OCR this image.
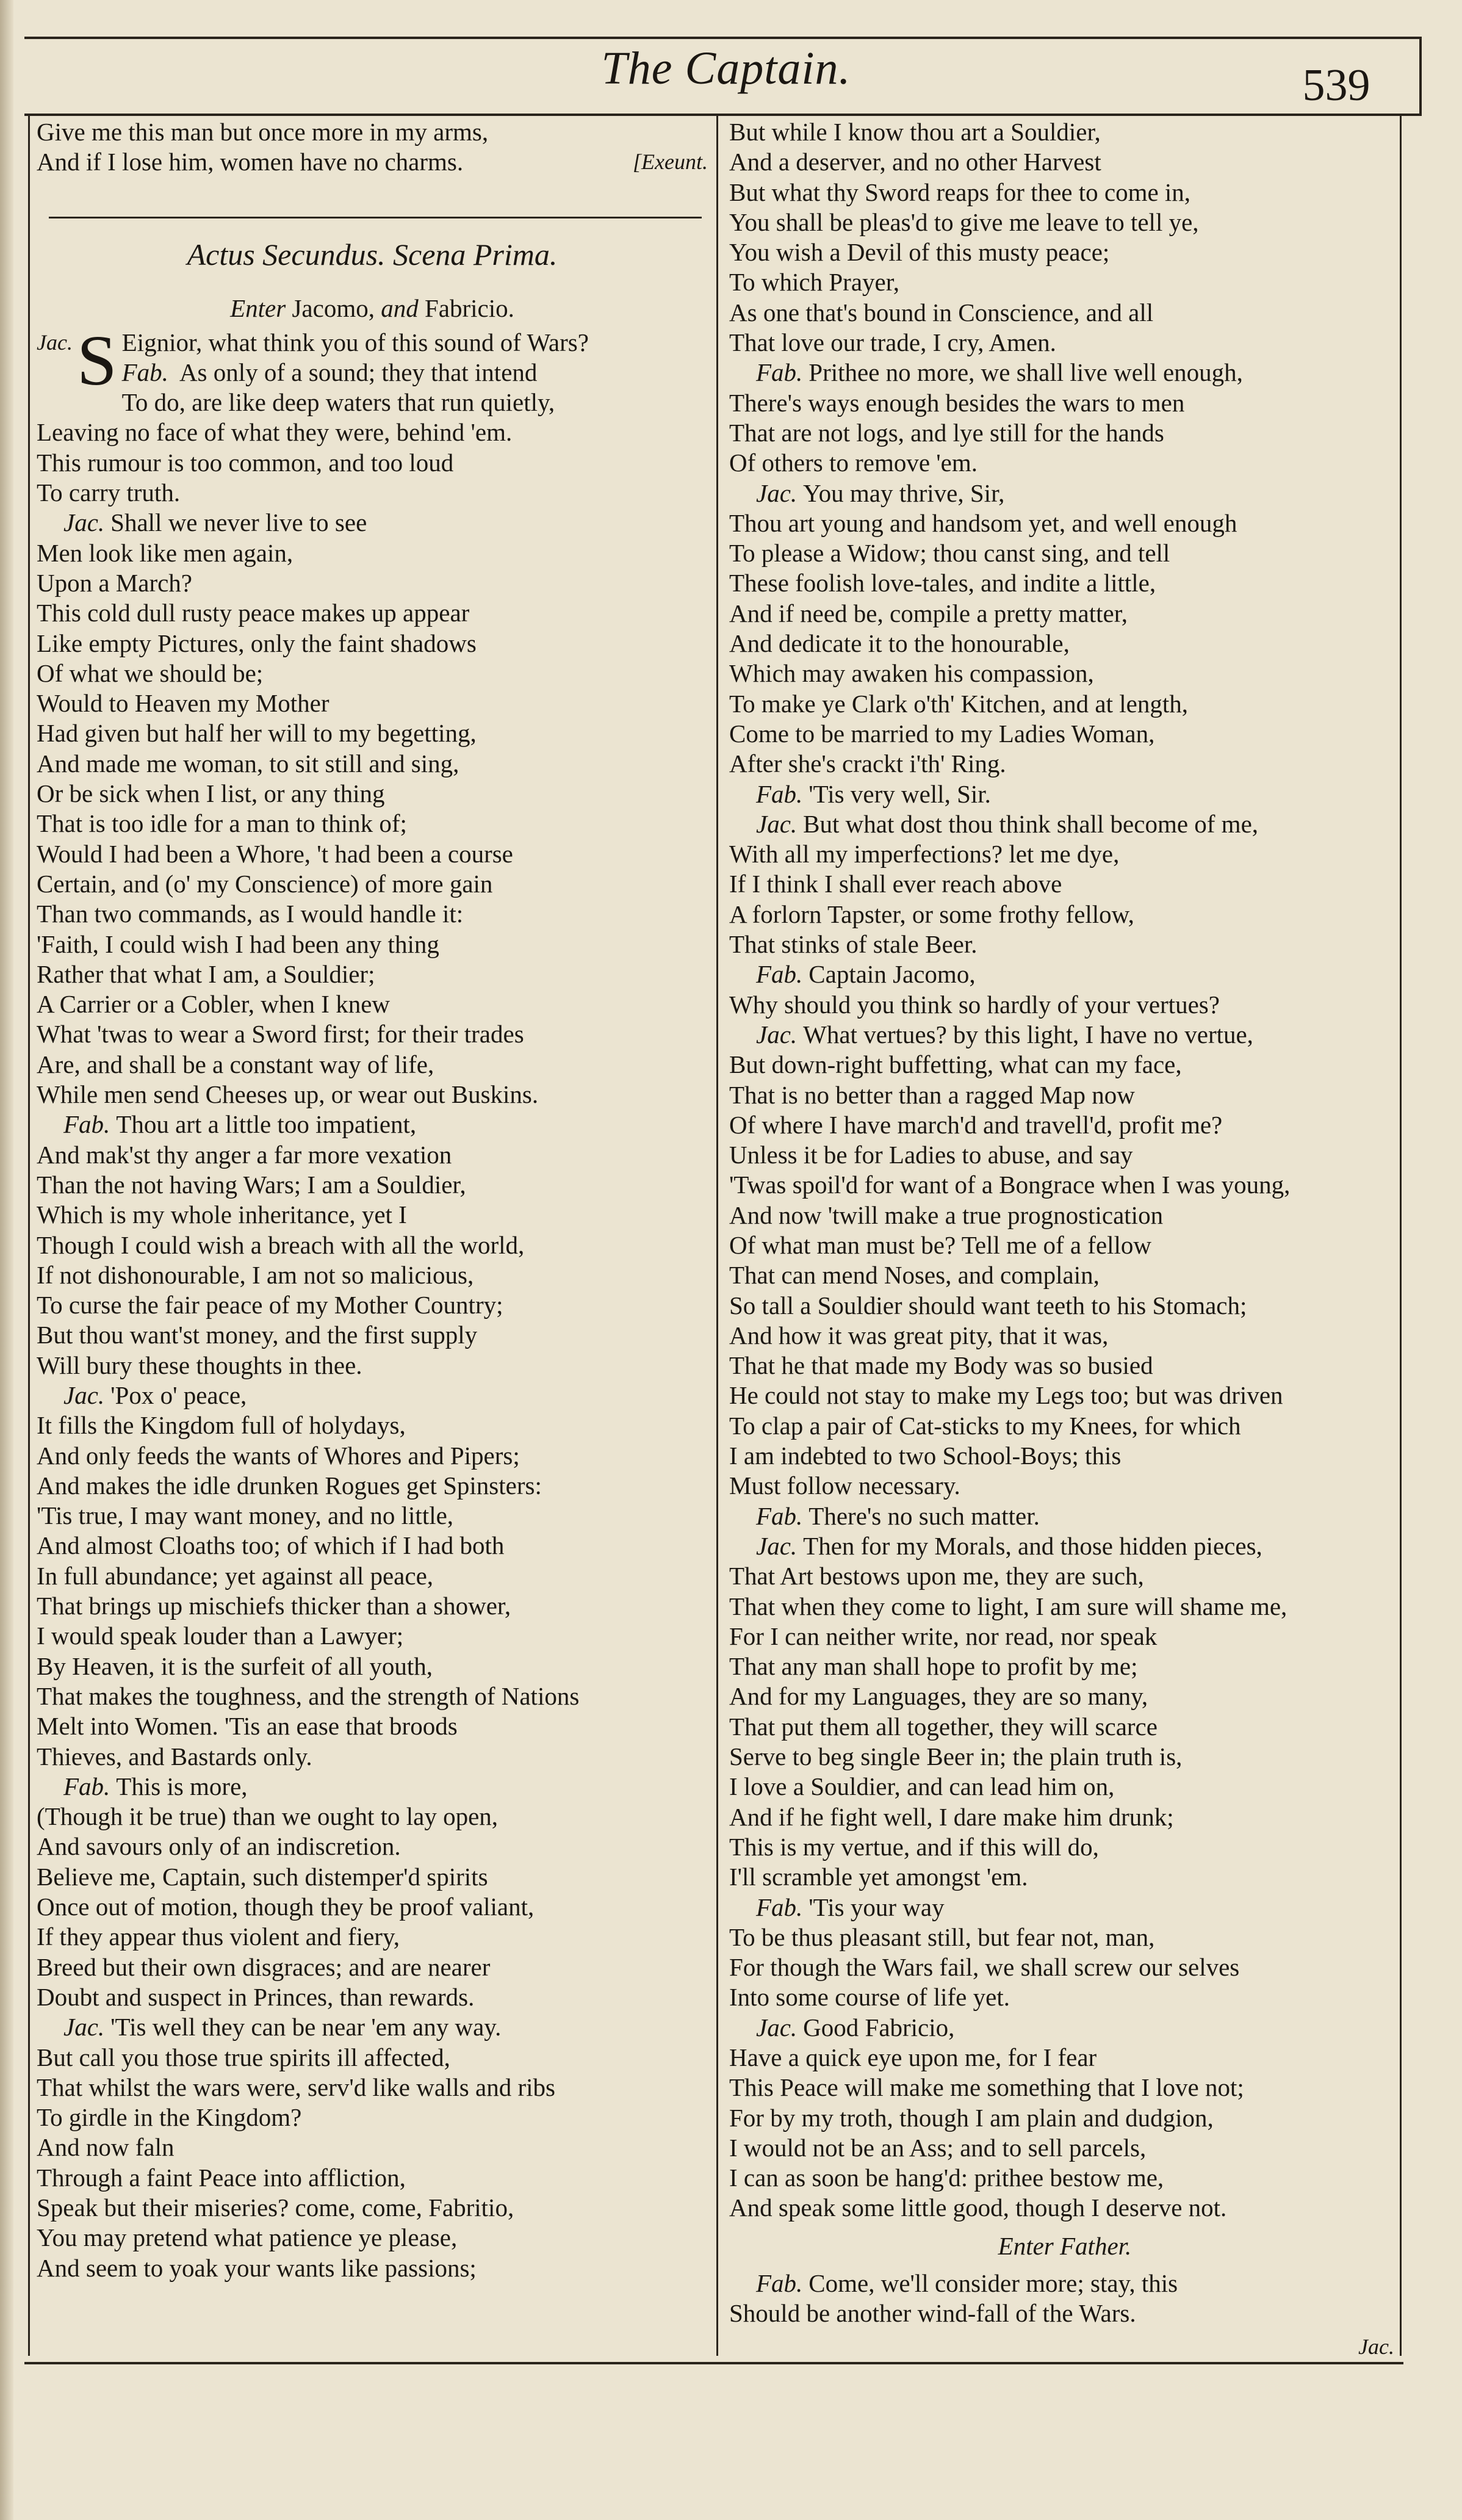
The Captain.	539
Give me this man but once more in my arms,
And if I lose him, women have no charms.	[Exeunt.
Actus Secundus. Scena Prima.
Enter Jacomo, and Fabricio.
Jac. S Eignior, what think you of this sound of Wars?
Fab. As only of a sound; they that intend
To do, are like deep waters that run quietly,
Leaving no face of what they were, behind 'em.
This rumour is too common, and too loud
To carry truth.
Jac. Shall we never live to see
Men look like men again,
Upon a March?
This cold dull rusty peace makes up appear
Like empty Pictures, only the faint shadows
Of what we should be;
Would to Heaven my Mother
Had given but half her will to my begetting,
And made me woman, to sit still and sing,
Or be sick when I list, or any thing
That is too idle for a man to think of;
Would I had been a Whore, 't had been a course
Certain, and (o' my Conscience) of more gain
Than two commands, as I would handle it:
'Faith, I could wish I had been any thing
Rather that what I am, a Souldier;
A Carrier or a Cobler, when I knew
What 'twas to wear a Sword first; for their trades
Are, and shall be a constant way of life,
While men send Cheeses up, or wear out Buskins.
Fab. Thou art a little too impatient,
And mak'st thy anger a far more vexation
Than the not having Wars; I am a Souldier,
Which is my whole inheritance, yet I
Though I could wish a breach with all the world,
If not dishonourable, I am not so malicious,
To curse the fair peace of my Mother Country;
But thou want'st money, and the first supply
Will bury these thoughts in thee.
Jac. 'Pox o' peace,
It fills the Kingdom full of holydays,
And only feeds the wants of Whores and Pipers;
And makes the idle drunken Rogues get Spinsters:
'Tis true, I may want money, and no little,
And almost Cloaths too; of which if I had both
In full abundance; yet against all peace,
That brings up mischiefs thicker than a shower,
I would speak louder than a Lawyer;
By Heaven, it is the surfeit of all youth,
That makes the toughness, and the strength of Nations
Melt into Women. 'Tis an ease that broods
Thieves, and Bastards only.
Fab. This is more,
(Though it be true) than we ought to lay open,
And savours only of an indiscretion.
Believe me, Captain, such distemper'd spirits
Once out of motion, though they be proof valiant,
If they appear thus violent and fiery,
Breed but their own disgraces; and are nearer
Doubt and suspect in Princes, than rewards.
Jac. 'Tis well they can be near 'em any way.
But call you those true spirits ill affected,
That whilst the wars were, serv'd like walls and ribs
To girdle in the Kingdom?
And now faln
Through a faint Peace into affliction,
Speak but their miseries? come, come, Fabritio,
You may pretend what patience ye please,
And seem to yoak your wants like passions;
But while I know thou art a Souldier,
And a deserver, and no other Harvest
But what thy Sword reaps for thee to come in,
You shall be pleas'd to give me leave to tell ye,
You wish a Devil of this musty peace;
To which Prayer,
As one that's bound in Conscience, and all
That love our trade, I cry, Amen.
Fab. Prithee no more, we shall live well enough,
There's ways enough besides the wars to men
That are not logs, and lye still for the hands
Of others to remove 'em.
Jac. You may thrive, Sir,
Thou art young and handsom yet, and well enough
To please a Widow; thou canst sing, and tell
These foolish love-tales, and indite a little,
And if need be, compile a pretty matter,
And dedicate it to the honourable,
Which may awaken his compassion,
To make ye Clark o'th' Kitchen, and at length,
Come to be married to my Ladies Woman,
After she's crackt i'th' Ring.
Fab. 'Tis very well, Sir.
Jac. But what dost thou think shall become of me,
With all my imperfections? let me dye,
If I think I shall ever reach above
A forlorn Tapster, or some frothy fellow,
That stinks of stale Beer.
Fab. Captain Jacomo,
Why should you think so hardly of your vertues?
Jac. What vertues? by this light, I have no vertue,
But down-right buffetting, what can my face,
That is no better than a ragged Map now
Of where I have march'd and travell'd, profit me?
Unless it be for Ladies to abuse, and say
'Twas spoil'd for want of a Bongrace when I was young,
And now 'twill make a true prognostication
Of what man must be? Tell me of a fellow
That can mend Noses, and complain,
So tall a Souldier should want teeth to his Stomach;
And how it was great pity, that it was,
That he that made my Body was so busied
He could not stay to make my Legs too; but was driven
To clap a pair of Cat-sticks to my Knees, for which
I am indebted to two School-Boys; this
Must follow necessary.
Fab. There's no such matter.
Jac. Then for my Morals, and those hidden pieces,
That Art bestows upon me, they are such,
That when they come to light, I am sure will shame me,
For I can neither write, nor read, nor speak
That any man shall hope to profit by me;
And for my Languages, they are so many,
That put them all together, they will scarce
Serve to beg single Beer in; the plain truth is,
I love a Souldier, and can lead him on,
And if he fight well, I dare make him drunk;
This is my vertue, and if this will do,
I'll scramble yet amongst 'em.
Fab. 'Tis your way
To be thus pleasant still, but fear not, man,
For though the Wars fail, we shall screw our selves
Into some course of life yet.
Jac. Good Fabricio,
Have a quick eye upon me, for I fear
This Peace will make me something that I love not;
For by my troth, though I am plain and dudgion,
I would not be an Ass; and to sell parcels,
I can as soon be hang'd: prithee bestow me,
And speak some little good, though I deserve not.
Enter Father.
Fab. Come, we'll consider more; stay, this
Should be another wind-fall of the Wars.
Jac.
